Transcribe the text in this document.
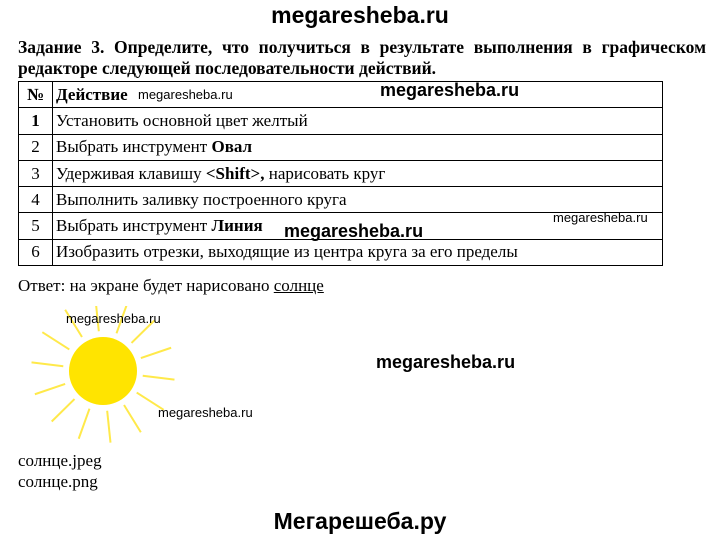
megaresheba.ru
Задание 3. Определите, что получиться в результате выполнения в графическом редакторе следующей последовательности действий.
№	Действие
1	Установить основной цвет желтый
2	Выбрать инструмент Овал
3	Удерживая клавишу <Shift>, нарисовать круг
4	Выполнить заливку построенного круга
5	Выбрать инструмент Линия
6	Изобразить отрезки, выходящие из центра круга за его пределы
Ответ: на экране будет нарисовано солнце
солнце.jpeg
солнце.png
megaresheba.ru	megaresheba.ru
megaresheba.ru
megaresheba.ru
megaresheba.ru
megaresheba.ru
megaresheba.ru
Мегарешеба.ру
